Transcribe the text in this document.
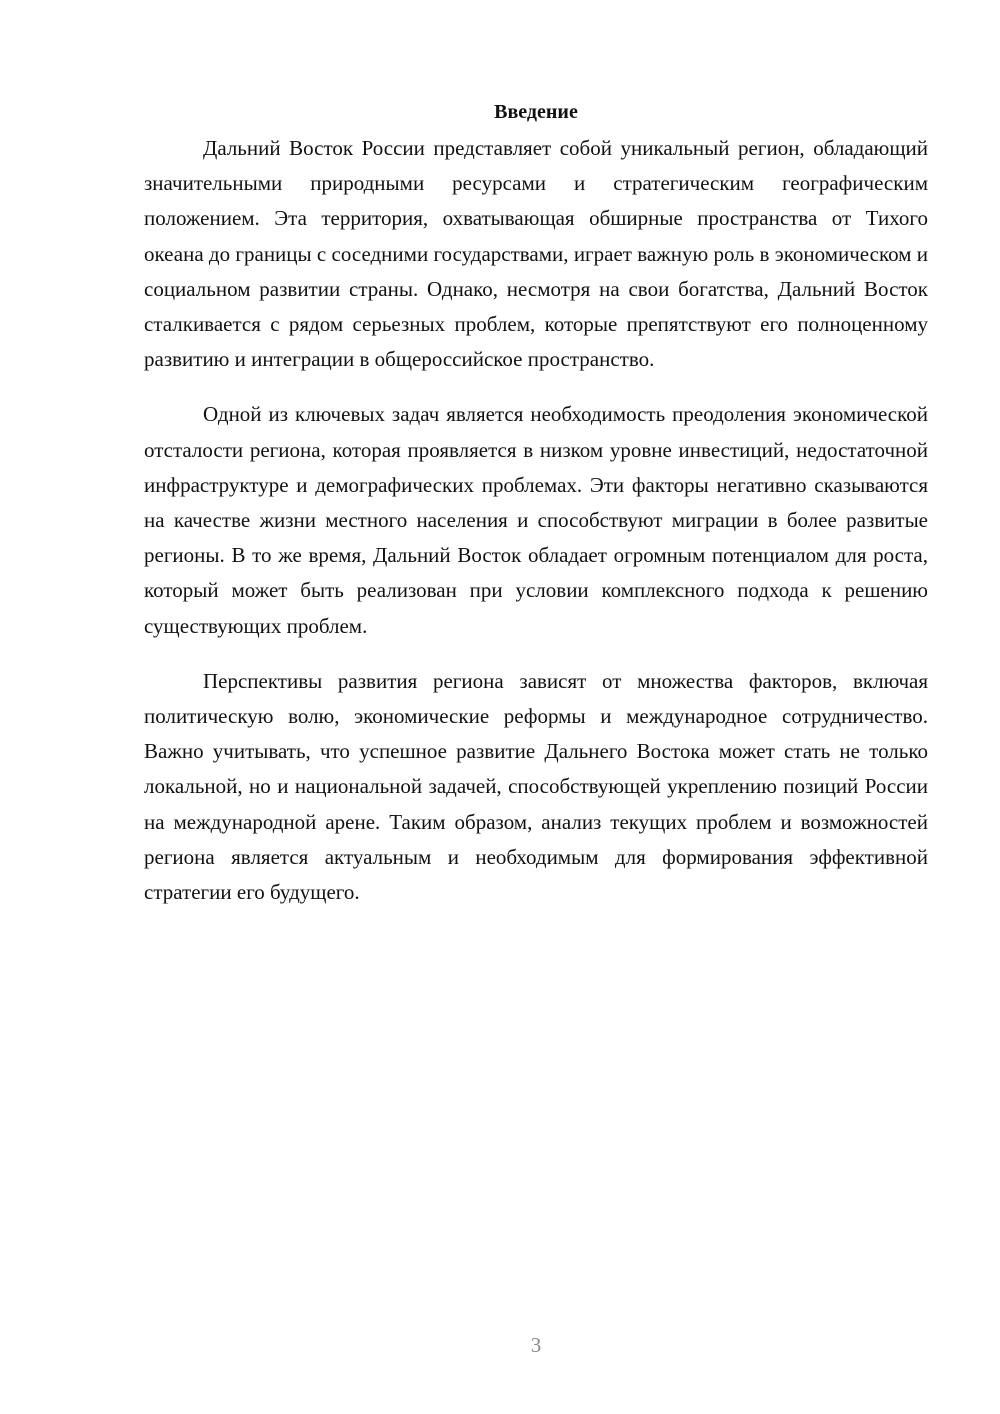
Введение

Дальний Восток России представляет собой уникальный регион, обладающий значительными природными ресурсами и стратегическим географическим положением. Эта территория, охватывающая обширные пространства от Тихого океана до границы с соседними государствами, играет важную роль в экономическом и социальном развитии страны. Однако, несмотря на свои богатства, Дальний Восток сталкивается с рядом серьезных проблем, которые препятствуют его полноценному развитию и интеграции в общероссийское пространство.

Одной из ключевых задач является необходимость преодоления экономической отсталости региона, которая проявляется в низком уровне инвестиций, недостаточной инфраструктуре и демографических проблемах. Эти факторы негативно сказываются на качестве жизни местного населения и способствуют миграции в более развитые регионы. В то же время, Дальний Восток обладает огромным потенциалом для роста, который может быть реализован при условии комплексного подхода к решению существующих проблем.

Перспективы развития региона зависят от множества факторов, включая политическую волю, экономические реформы и международное сотрудничество. Важно учитывать, что успешное развитие Дальнего Востока может стать не только локальной, но и национальной задачей, способствующей укреплению позиций России на международной арене. Таким образом, анализ текущих проблем и возможностей региона является актуальным и необходимым для формирования эффективной стратегии его будущего.

3
